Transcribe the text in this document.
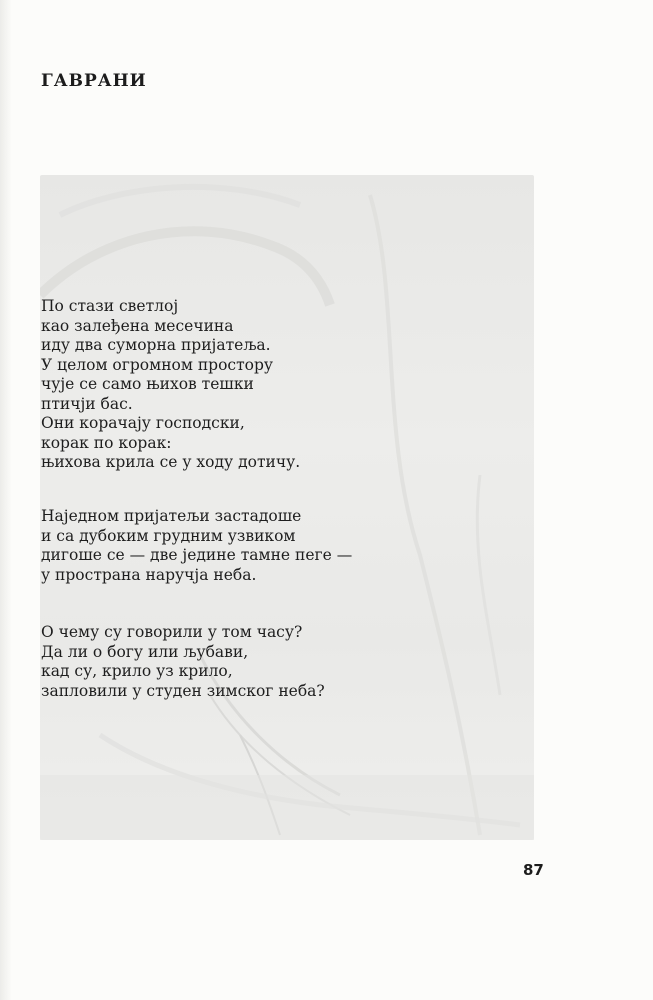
ГАВРАНИ
По стази светлој
као залеђена месечина
иду два суморна пријатеља.
У целом огромном простору
чује се само њихов тешки
птичји бас.
Они корачају господски,
корак по корак:
њихова крила се у ходу дотичу.
Наједном пријатељи застадоше
и са дубоким грудним узвиком
дигоше се — две једине тамне пеге —
у пространа наручја неба.
О чему су говорили у том часу?
Да ли о богу или љубави,
кад су, крило уз крило,
запловили у студен зимског неба?
87
